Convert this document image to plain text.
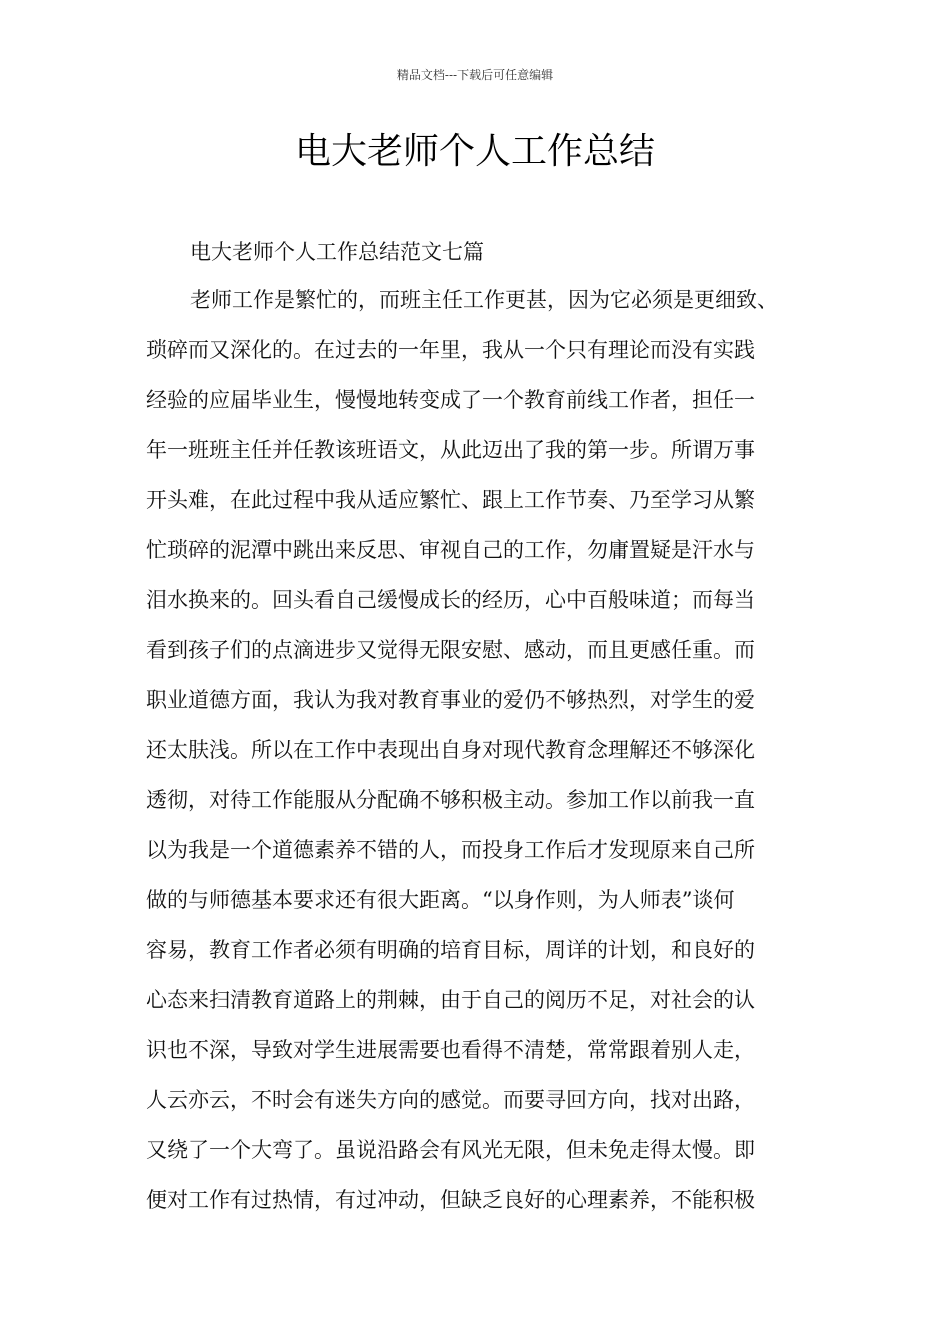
精品文档---下载后可任意编辑
电大老师个人工作总结
电大老师个人工作总结范文七篇
老师工作是繁忙的，而班主任工作更甚，因为它必须是更细致、
琐碎而又深化的。在过去的一年里，我从一个只有理论而没有实践
经验的应届毕业生，慢慢地转变成了一个教育前线工作者，担任一
年一班班主任并任教该班语文，从此迈出了我的第一步。所谓万事
开头难，在此过程中我从适应繁忙、跟上工作节奏、乃至学习从繁
忙琐碎的泥潭中跳出来反思、审视自己的工作，勿庸置疑是汗水与
泪水换来的。回头看自己缓慢成长的经历，心中百般味道；而每当
看到孩子们的点滴进步又觉得无限安慰、感动，而且更感任重。而
职业道德方面，我认为我对教育事业的爱仍不够热烈，对学生的爱
还太肤浅。所以在工作中表现出自身对现代教育念理解还不够深化
透彻，对待工作能服从分配确不够积极主动。参加工作以前我一直
以为我是一个道德素养不错的人，而投身工作后才发现原来自己所
做的与师德基本要求还有很大距离。“以身作则，为人师表”谈何
容易，教育工作者必须有明确的培育目标，周详的计划，和良好的
心态来扫清教育道路上的荆棘，由于自己的阅历不足，对社会的认
识也不深，导致对学生进展需要也看得不清楚，常常跟着别人走，
人云亦云，不时会有迷失方向的感觉。而要寻回方向，找对出路，
又绕了一个大弯了。虽说沿路会有风光无限，但未免走得太慢。即
便对工作有过热情，有过冲动，但缺乏良好的心理素养，不能积极
